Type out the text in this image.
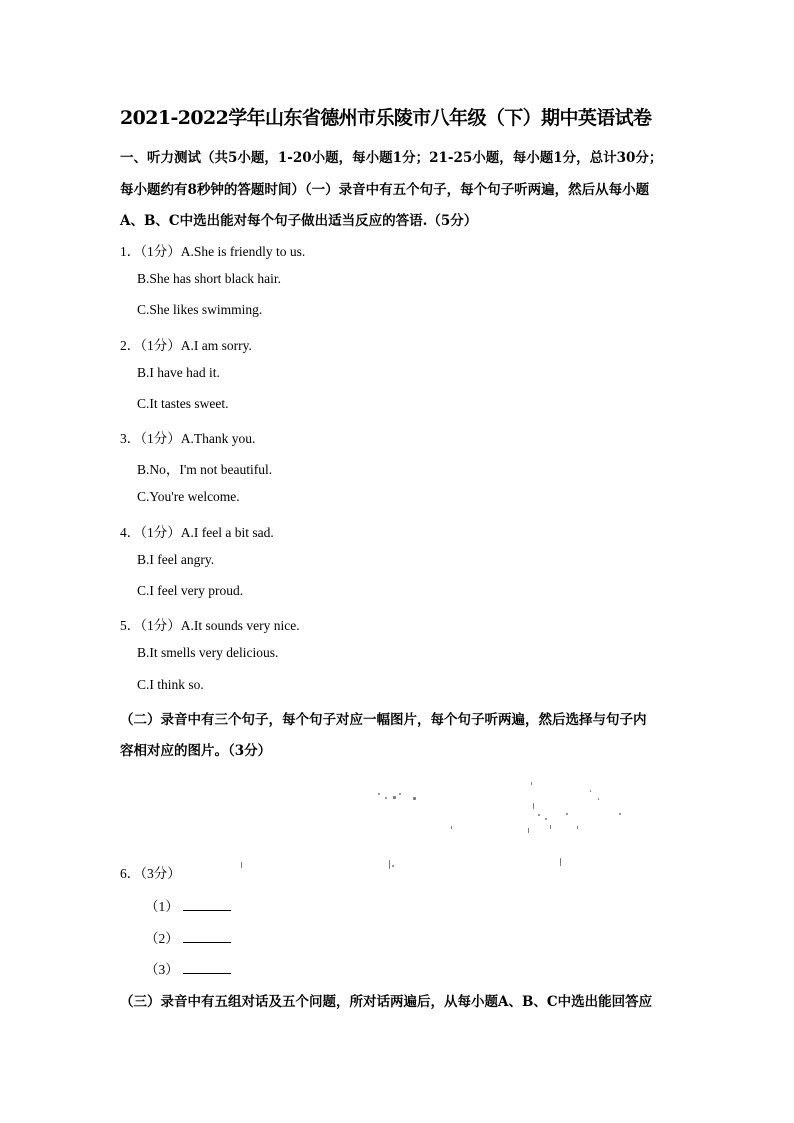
2021-2022学年山东省德州市乐陵市八年级（下）期中英语试卷
一、听力测试（共5小题，1-20小题，每小题1分；21-25小题，每小题1分，总计30分；
每小题约有8秒钟的答题时间）（一）录音中有五个句子，每个句子听两遍，然后从每小题
A、B、C中选出能对每个句子做出适当反应的答语.（5分）
1．（1分）A.She is friendly to us.
B.She has short black hair.
C.She likes swimming.
2．（1分）A.I am sorry.
B.I have had it.
C.It tastes sweet.
3．（1分）A.Thank you.
B.No，I'm not beautiful.
C.You're welcome.
4．（1分）A.I feel a bit sad.
B.I feel angry.
C.I feel very proud.
5．（1分）A.It sounds very nice.
B.It smells very delicious.
C.I think so.
（二）录音中有三个句子，每个句子对应一幅图片，每个句子听两遍，然后选择与句子内
容相对应的图片。（3分）
6．（3分）
（1）
（2）
（3）
（三）录音中有五组对话及五个问题，所对话两遍后，从每小题A、B、C中选出能回答应
